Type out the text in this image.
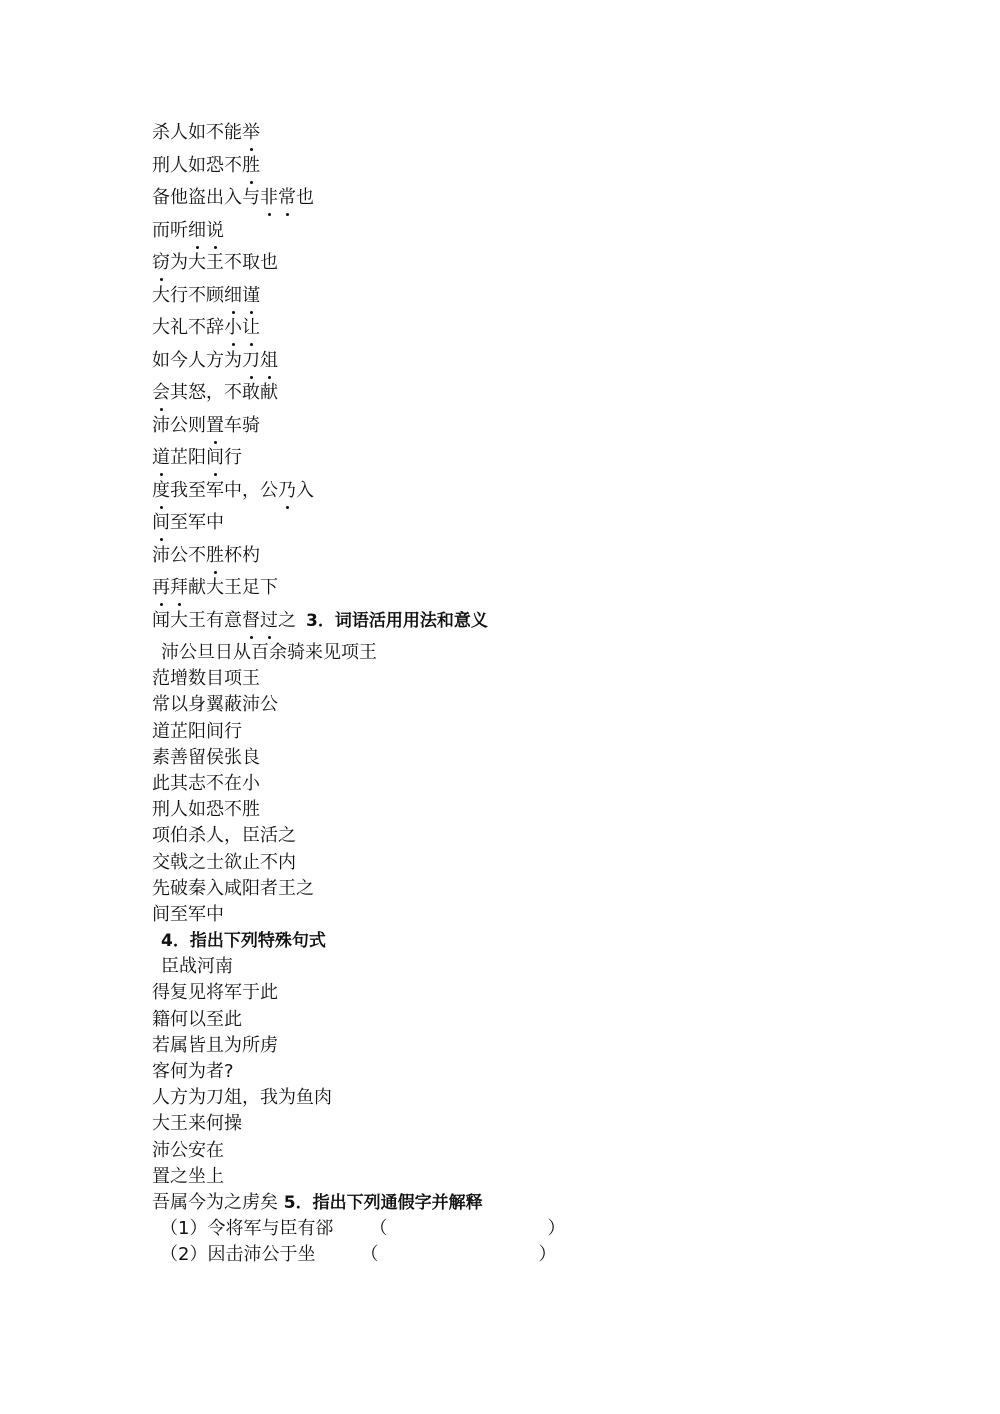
杀人如不能举
刑人如恐不胜
备他盗出入与非常也
而听细说
窃为大王不取也
大行不顾细谨
大礼不辞小让
如今人方为刀俎
会其怒，不敢献
沛公则置车骑
道芷阳间行
度我至军中，公乃入
间至军中
沛公不胜杯杓
再拜献大王足下
闻大王有意督过之 3．词语活用用法和意义
沛公旦日从百余骑来见项王
范增数目项王
常以身翼蔽沛公
道芷阳间行
素善留侯张良
此其志不在小
刑人如恐不胜
项伯杀人，臣活之
交戟之士欲止不内
先破秦入咸阳者王之
间至军中
4．指出下列特殊句式
臣战河南
得复见将军于此
籍何以至此
若属皆且为所虏
客何为者?
人方为刀俎，我为鱼肉
大王来何操
沛公安在
置之坐上
吾属今为之虏矣 5．指出下列通假字并解释
（1）令将军与臣有郤 （	）
（2）因击沛公于坐	（	）
